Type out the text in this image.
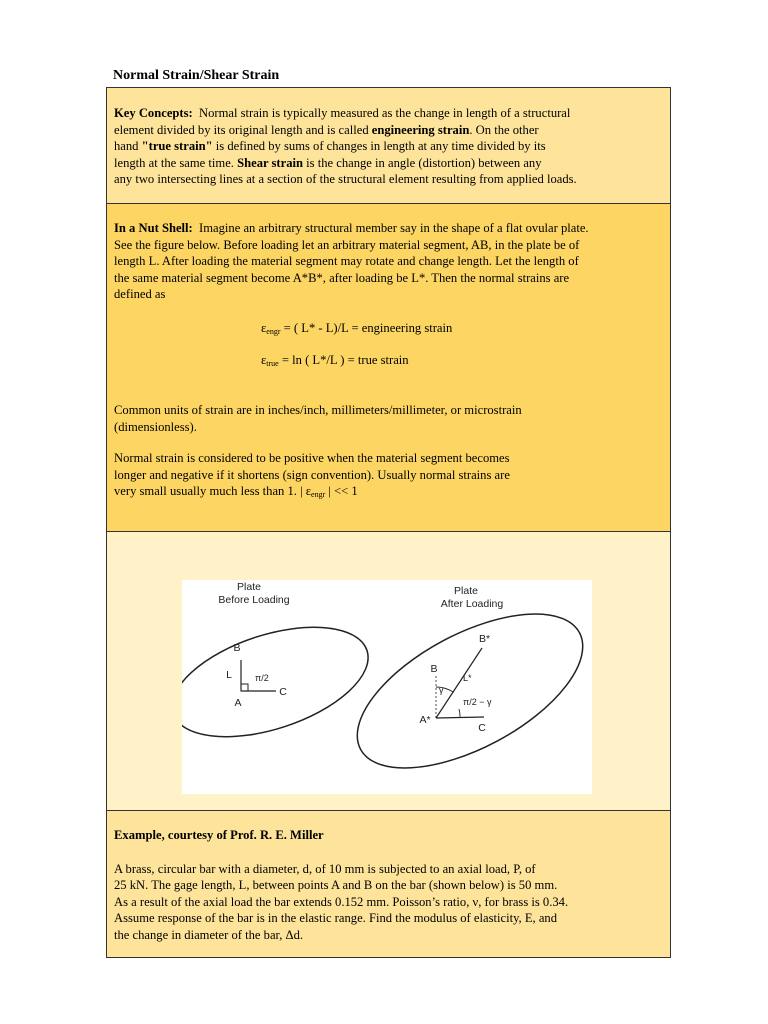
Normal Strain/Shear Strain
Key Concepts: Normal strain is typically measured as the change in length of a structural
element divided by its original length and is called engineering strain. On the other
hand "true strain" is defined by sums of changes in length at any time divided by its
length at the same time. Shear strain is the change in angle (distortion) between any
any two intersecting lines at a section of the structural element resulting from applied loads.
In a Nut Shell: Imagine an arbitrary structural member say in the shape of a flat ovular plate.
See the figure below. Before loading let an arbitrary material segment, AB, in the plate be of
length L. After loading the material segment may rotate and change length. Let the length of
the same material segment become A*B*, after loading be L*. Then the normal strains are
defined as
$\varepsilon_{engr}$ = ( L* - L)/L = engineering strain
$\varepsilon_{true} = \ln$ ( L*/L ) = true strain
Common units of strain are in inches/inch, millimeters/millimeter, or microstrain
(dimensionless).
Normal strain is considered to be positive when the material segment becomes
longer and negative if it shortens (sign convention). Usually normal strains are
very small usually much less than 1. | $\varepsilon_{engr}$ | << 1
Plate
Before Loading
B
L
A
C
π/2
Plate
After Loading
B*
A*
B
C
L*
γ
π/2 − γ
Example, courtesy of Prof. R. E. Miller
A brass, circular bar with a diameter, d, of 10 mm is subjected to an axial load, P, of
25 kN. The gage length, L, between points A and B on the bar (shown below) is 50 mm.
As a result of the axial load the bar extends 0.152 mm. Poisson’s ratio, ν, for brass is 0.34.
Assume response of the bar is in the elastic range. Find the modulus of elasticity, E, and
the change in diameter of the bar, Δd.
